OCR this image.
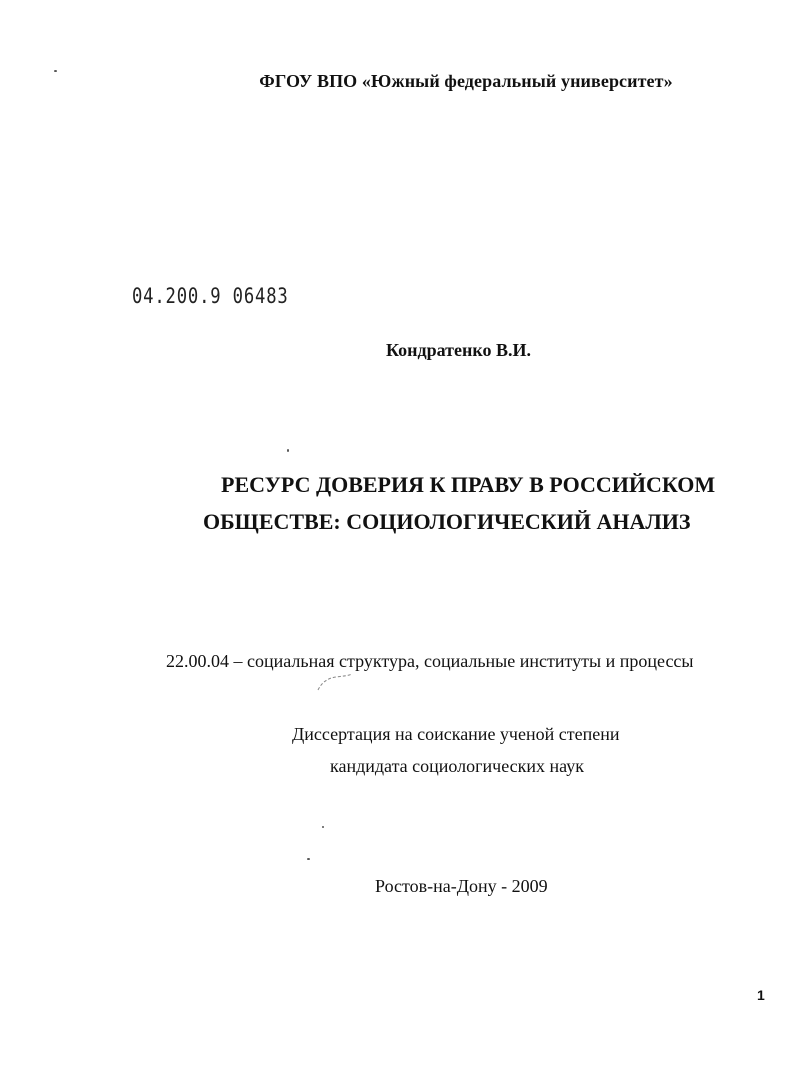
ФГОУ ВПО «Южный федеральный университет»
04.200.9 06483
Кондратенко В.И.
РЕСУРС ДОВЕРИЯ К ПРАВУ В РОССИЙСКОМ
ОБЩЕСТВЕ: СОЦИОЛОГИЧЕСКИЙ АНАЛИЗ
22.00.04 – социальная структура, социальные институты и процессы
Диссертация на соискание ученой степени
кандидата социологических наук
Ростов-на-Дону - 2009
1
